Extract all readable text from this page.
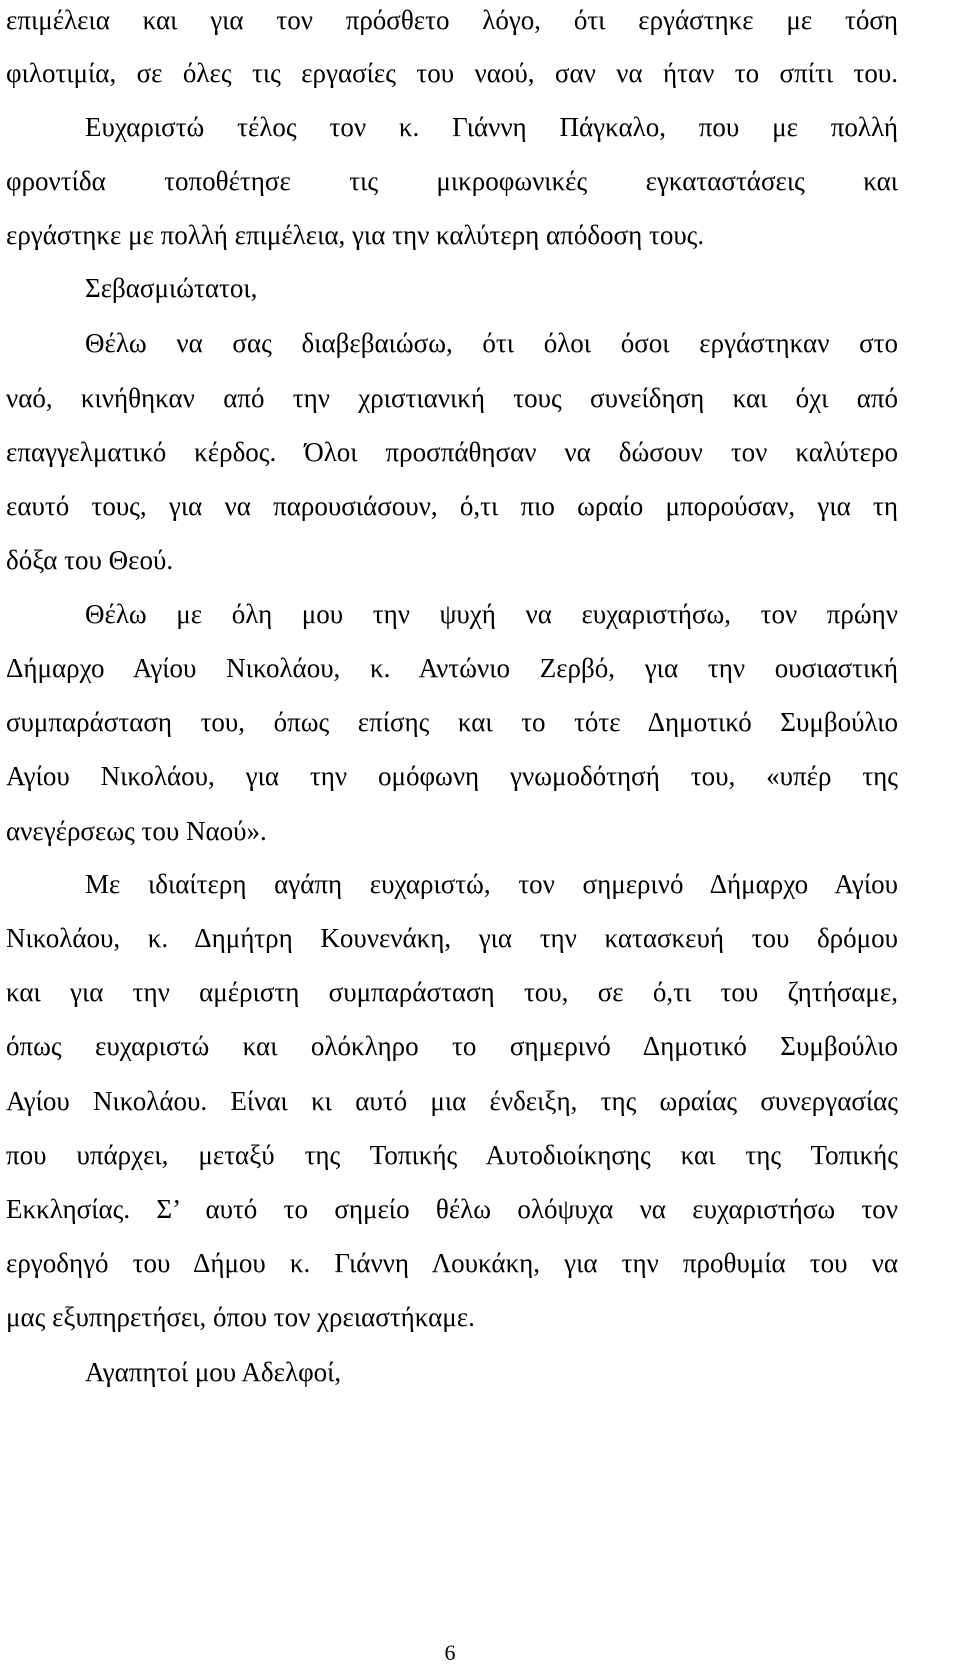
επιμέλεια και για τον πρόσθετο λόγο, ότι εργάστηκε με τόση
φιλοτιμία, σε όλες τις εργασίες του ναού, σαν να ήταν το σπίτι του.
Ευχαριστώ τέλος τον κ. Γιάννη Πάγκαλο, που με πολλή
φροντίδα τοποθέτησε τις μικροφωνικές εγκαταστάσεις και
εργάστηκε με πολλή επιμέλεια, για την καλύτερη απόδοση τους.
Σεβασμιώτατοι,
Θέλω να σας διαβεβαιώσω, ότι όλοι όσοι εργάστηκαν στο
ναό, κινήθηκαν από την χριστιανική τους συνείδηση και όχι από
επαγγελματικό κέρδος. Όλοι προσπάθησαν να δώσουν τον καλύτερο
εαυτό τους, για να παρουσιάσουν, ό,τι πιο ωραίο μπορούσαν, για τη
δόξα του Θεού.
Θέλω με όλη μου την ψυχή να ευχαριστήσω, τον πρώην
Δήμαρχο Αγίου Νικολάου, κ. Αντώνιο Ζερβό, για την ουσιαστική
συμπαράσταση του, όπως επίσης και το τότε Δημοτικό Συμβούλιο
Αγίου Νικολάου, για την ομόφωνη γνωμοδότησή του, «υπέρ της
ανεγέρσεως του Ναού».
Με ιδιαίτερη αγάπη ευχαριστώ, τον σημερινό Δήμαρχο Αγίου
Νικολάου, κ. Δημήτρη Κουνενάκη, για την κατασκευή του δρόμου
και για την αμέριστη συμπαράσταση του, σε ό,τι του ζητήσαμε,
όπως ευχαριστώ και ολόκληρο το σημερινό Δημοτικό Συμβούλιο
Αγίου Νικολάου. Είναι κι αυτό μια ένδειξη, της ωραίας συνεργασίας
που υπάρχει, μεταξύ της Τοπικής Αυτοδιοίκησης και της Τοπικής
Εκκλησίας. Σ’ αυτό το σημείο θέλω ολόψυχα να ευχαριστήσω τον
εργοδηγό του Δήμου κ. Γιάννη Λουκάκη, για την προθυμία του να
μας εξυπηρετήσει, όπου τον χρειαστήκαμε.
Αγαπητοί μου Αδελφοί,
6
